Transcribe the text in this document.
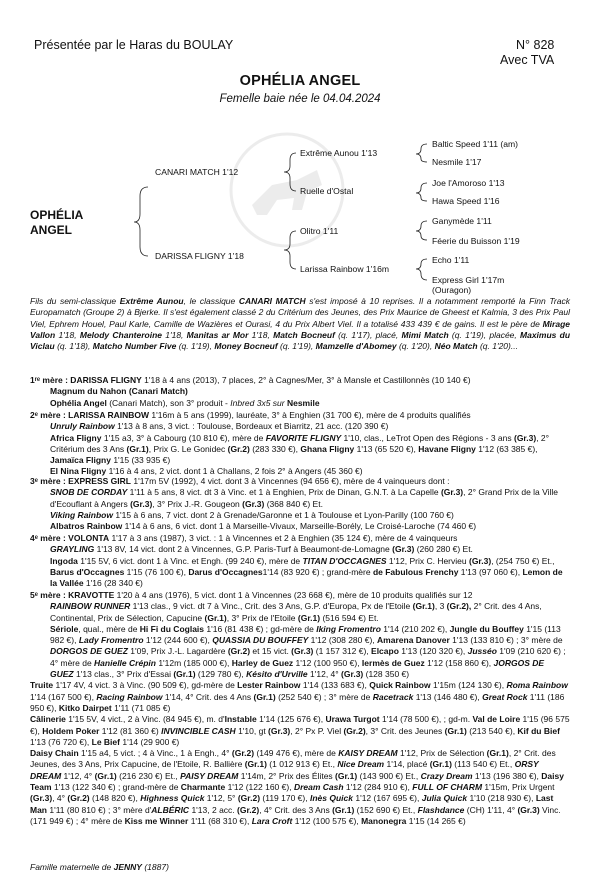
Présentée par le Haras du BOULAY	N° 828
Avec TVA
OPHÉLIA ANGEL
Femelle baie née le 04.04.2024
OPHÉLIA
ANGEL
CANARI MATCH 1'12
DARISSA FLIGNY 1'18
Extrême Aunou 1'13
Ruelle d'Ostal
Olitro 1'11
Larissa Rainbow 1'16m
Baltic Speed 1'11 (am)
Nesmile 1'17
Joe l'Amoroso 1'13
Hawa Speed 1'16
Ganymède 1'11
Féerie du Buisson 1'19
Echo 1'11
Express Girl 1'17m
(Ouragon)
Fils du semi-classique Extrême Aunou, le classique CANARI MATCH s'est imposé à 10 reprises. Il a notamment remporté la Finn Track Europamatch (Groupe 2) à Bjerke. Il s'est également classé 2 du Critérium des Jeunes, des Prix Maurice de Gheest et Kalmia, 3 des Prix Paul Viel, Ephrem Houel, Paul Karle, Camille de Wazières et Ourasi, 4 du Prix Albert Viel. Il a totalisé 433 439 € de gains. Il est le père de Mirage Vallon 1'18, Melody Chanteroine 1'18, Manitas ar Mor 1'18, Match Bocneuf (q. 1'17), placé, Mimi Match (q. 1'19), placée, Maximus du Viclau (q. 1'18), Matcho Number Five (q. 1'19), Money Bocneuf (q. 1'19), Mamzelle d'Abomey (q. 1'20), Néo Match (q. 1'20)...

1ʳᵉ mère : DARISSA FLIGNY 1'18 à 4 ans (2013), 7 places, 2° à Cagnes/Mer, 3° à Mansle et Castillonnès (10 140 €)

Magnum du Nahon (Canari Match)

Ophélia Angel (Canari Match), son 3° produit - Inbred 3x5 sur Nesmile

2ᵉ mère : LARISSA RAINBOW 1'16m à 5 ans (1999), lauréate, 3° à Enghien (31 700 €), mère de 4 produits qualifiés

Unruly Rainbow 1'13 à 8 ans, 3 vict. : Toulouse, Bordeaux et Biarritz, 21 acc. (120 390 €)

Africa Fligny 1'15 a3, 3° à Cabourg (10 810 €), mère de FAVORITE FLIGNY 1'10, clas., LeTrot Open des Régions - 3 ans (Gr.3), 2° Critérium des 3 Ans (Gr.1), Prix G. Le Gonidec (Gr.2) (283 330 €), Ghana Fligny 1'13 (65 520 €), Havane Fligny 1'12 (63 385 €), Jamaïca Fligny 1'15 (33 935 €)

El Nina Fligny 1'16 à 4 ans, 2 vict. dont 1 à Challans, 2 fois 2° à Angers (45 360 €)

3ᵉ mère : EXPRESS GIRL 1'17m 5V (1992), 4 vict. dont 3 à Vincennes (94 656 €), mère de 4 vainqueurs dont :

SNOB DE CORDAY 1'11 à 5 ans, 8 vict. dt 3 à Vinc. et 1 à Enghien, Prix de Dinan, G.N.T. à La Capelle (Gr.3), 2° Grand Prix de la Ville d'Ecouflant à Angers (Gr.3), 3° Prix J.-R. Gougeon (Gr.3) (368 840 €) Et.

Viking Rainbow 1'15 à 6 ans, 7 vict. dont 2 à Grenade/Garonne et 1 à Toulouse et Lyon-Parilly (100 760 €)

Albatros Rainbow 1'14 à 6 ans, 6 vict. dont 1 à Marseille-Vivaux, Marseille-Borély, Le Croisé-Laroche (74 460 €)

4ᵉ mère : VOLONTA 1'17 à 3 ans (1987), 3 vict. : 1 à Vincennes et 2 à Enghien (35 124 €), mère de 4 vainqueurs

GRAYLING 1'13 8V, 14 vict. dont 2 à Vincennes, G.P. Paris-Turf à Beaumont-de-Lomagne (Gr.3) (260 280 €) Et.

Ingoda 1'15 5V, 6 vict. dont 1 à Vinc. et Engh. (99 240 €), mère de TITAN D'OCCAGNES 1'12, Prix C. Hervieu (Gr.3), (254 750 €) Et., Barus d'Occagnes 1'15 (76 100 €), Darus d'Occagnes1'14 (83 920 €) ; grand-mère de Fabulous Frenchy 1'13 (97 060 €), Lemon de la Vallée 1'16 (28 340 €)

5ᵉ mère : KRAVOTTE 1'20 à 4 ans (1976), 5 vict. dont 1 à Vincennes (23 668 €), mère de 10 produits qualifiés sur 12

RAINBOW RUNNER 1'13 clas., 9 vict. dt 7 à Vinc., Crit. des 3 Ans, G.P. d'Europa, Px de l'Etoile (Gr.1), 3 (Gr.2), 2° Crit. des 4 Ans, Continental, Prix de Sélection, Capucine (Gr.1), 3° Prix de l'Etoile (Gr.1) (516 594 €) Et.

Sériole, qual., mère de Hi Fi du Coglais 1'16 (81 438 €) ; gd-mère de Iking Fromentro 1'14 (210 202 €), Jungle du Bouffey 1'15 (113 982 €), Lady Fromentro 1'12 (244 600 €), QUASSIA DU BOUFFEY 1'12 (308 280 €), Amarena Danover 1'13 (133 810 €) ; 3° mère de DORGOS DE GUEZ 1'09, Prix J.-L. Lagardère (Gr.2) et 15 vict. (Gr.3) (1 157 312 €), Elcapo 1'13 (120 320 €), Jusséo 1'09 (210 620 €) ; 4° mère de Hanielle Crépin 1'12m (185 000 €), Harley de Guez 1'12 (100 950 €), Iermès de Guez 1'12 (158 860 €), JORGOS DE GUEZ 1'13 clas., 3° Prix d'Essai (Gr.1) (129 780 €), Késito d'Urville 1'12, 4° (Gr.3) (128 350 €)

Truite 1'17 4V, 4 vict. 3 à Vinc. (90 509 €), gd-mère de Lester Rainbow 1'14 (133 683 €), Quick Rainbow 1'15m (124 130 €), Roma Rainbow 1'14 (167 500 €), Racing Rainbow 1'14, 4° Crit. des 4 Ans (Gr.1) (252 540 €) ; 3° mère de Racetrack 1'13 (146 480 €), Great Rock 1'11 (186 950 €), Kitko Dairpet 1'11 (71 085 €)

Câlinerie 1'15 5V, 4 vict., 2 à Vinc. (84 945 €), m. d'Instable 1'14 (125 676 €), Urawa Turgot 1'14 (78 500 €), ; gd-m. Val de Loire 1'15 (96 575 €), Holdem Poker 1'12 (81 360 €) INVINCIBLE CASH 1'10, gt (Gr.3), 2° Px P. Viel (Gr.2), 3° Crit. des Jeunes (Gr.1) (213 540 €), Kif du Bief 1'13 (76 720 €), Le Bief 1'14 (29 900 €)

Daisy Chain 1'15 a4, 5 vict. ; 4 à Vinc., 1 à Engh., 4° (Gr.2) (149 476 €), mère de KAISY DREAM 1'12, Prix de Sélection (Gr.1), 2° Crit. des Jeunes, des 3 Ans, Prix Capucine, de l'Etoile, R. Ballière (Gr.1) (1 012 913 €) Et., Nice Dream 1'14, placé (Gr.1) (113 540 €) Et., ORSY DREAM 1'12, 4° (Gr.1) (216 230 €) Et., PAISY DREAM 1'14m, 2° Prix des Élites (Gr.1) (143 900 €) Et., Crazy Dream 1'13 (196 380 €), Daisy Team 1'13 (122 340 €) ; grand-mère de Charmante 1'12 (122 160 €), Dream Cash 1'12 (284 910 €), FULL OF CHARM 1'15m, Prix Urgent (Gr.3), 4° (Gr.2) (148 820 €), Highness Quick 1'12, 5° (Gr.2) (119 170 €), Inès Quick 1'12 (167 695 €), Julia Quick 1'10 (218 930 €), Last Man 1'11 (80 810 €) ; 3° mère d'ALBÉRIC 1'13, 2 acc. (Gr.2), 4° Crit. des 3 Ans (Gr.1) (152 690 €) Et., Flashdance (CH) 1'11, 4° (Gr.3) Vinc. (171 949 €) ; 4° mère de Kiss me Winner 1'11 (68 310 €), Lara Croft 1'12 (100 575 €), Manonegra 1'15 (14 265 €)

Famille maternelle de JENNY (1887)
